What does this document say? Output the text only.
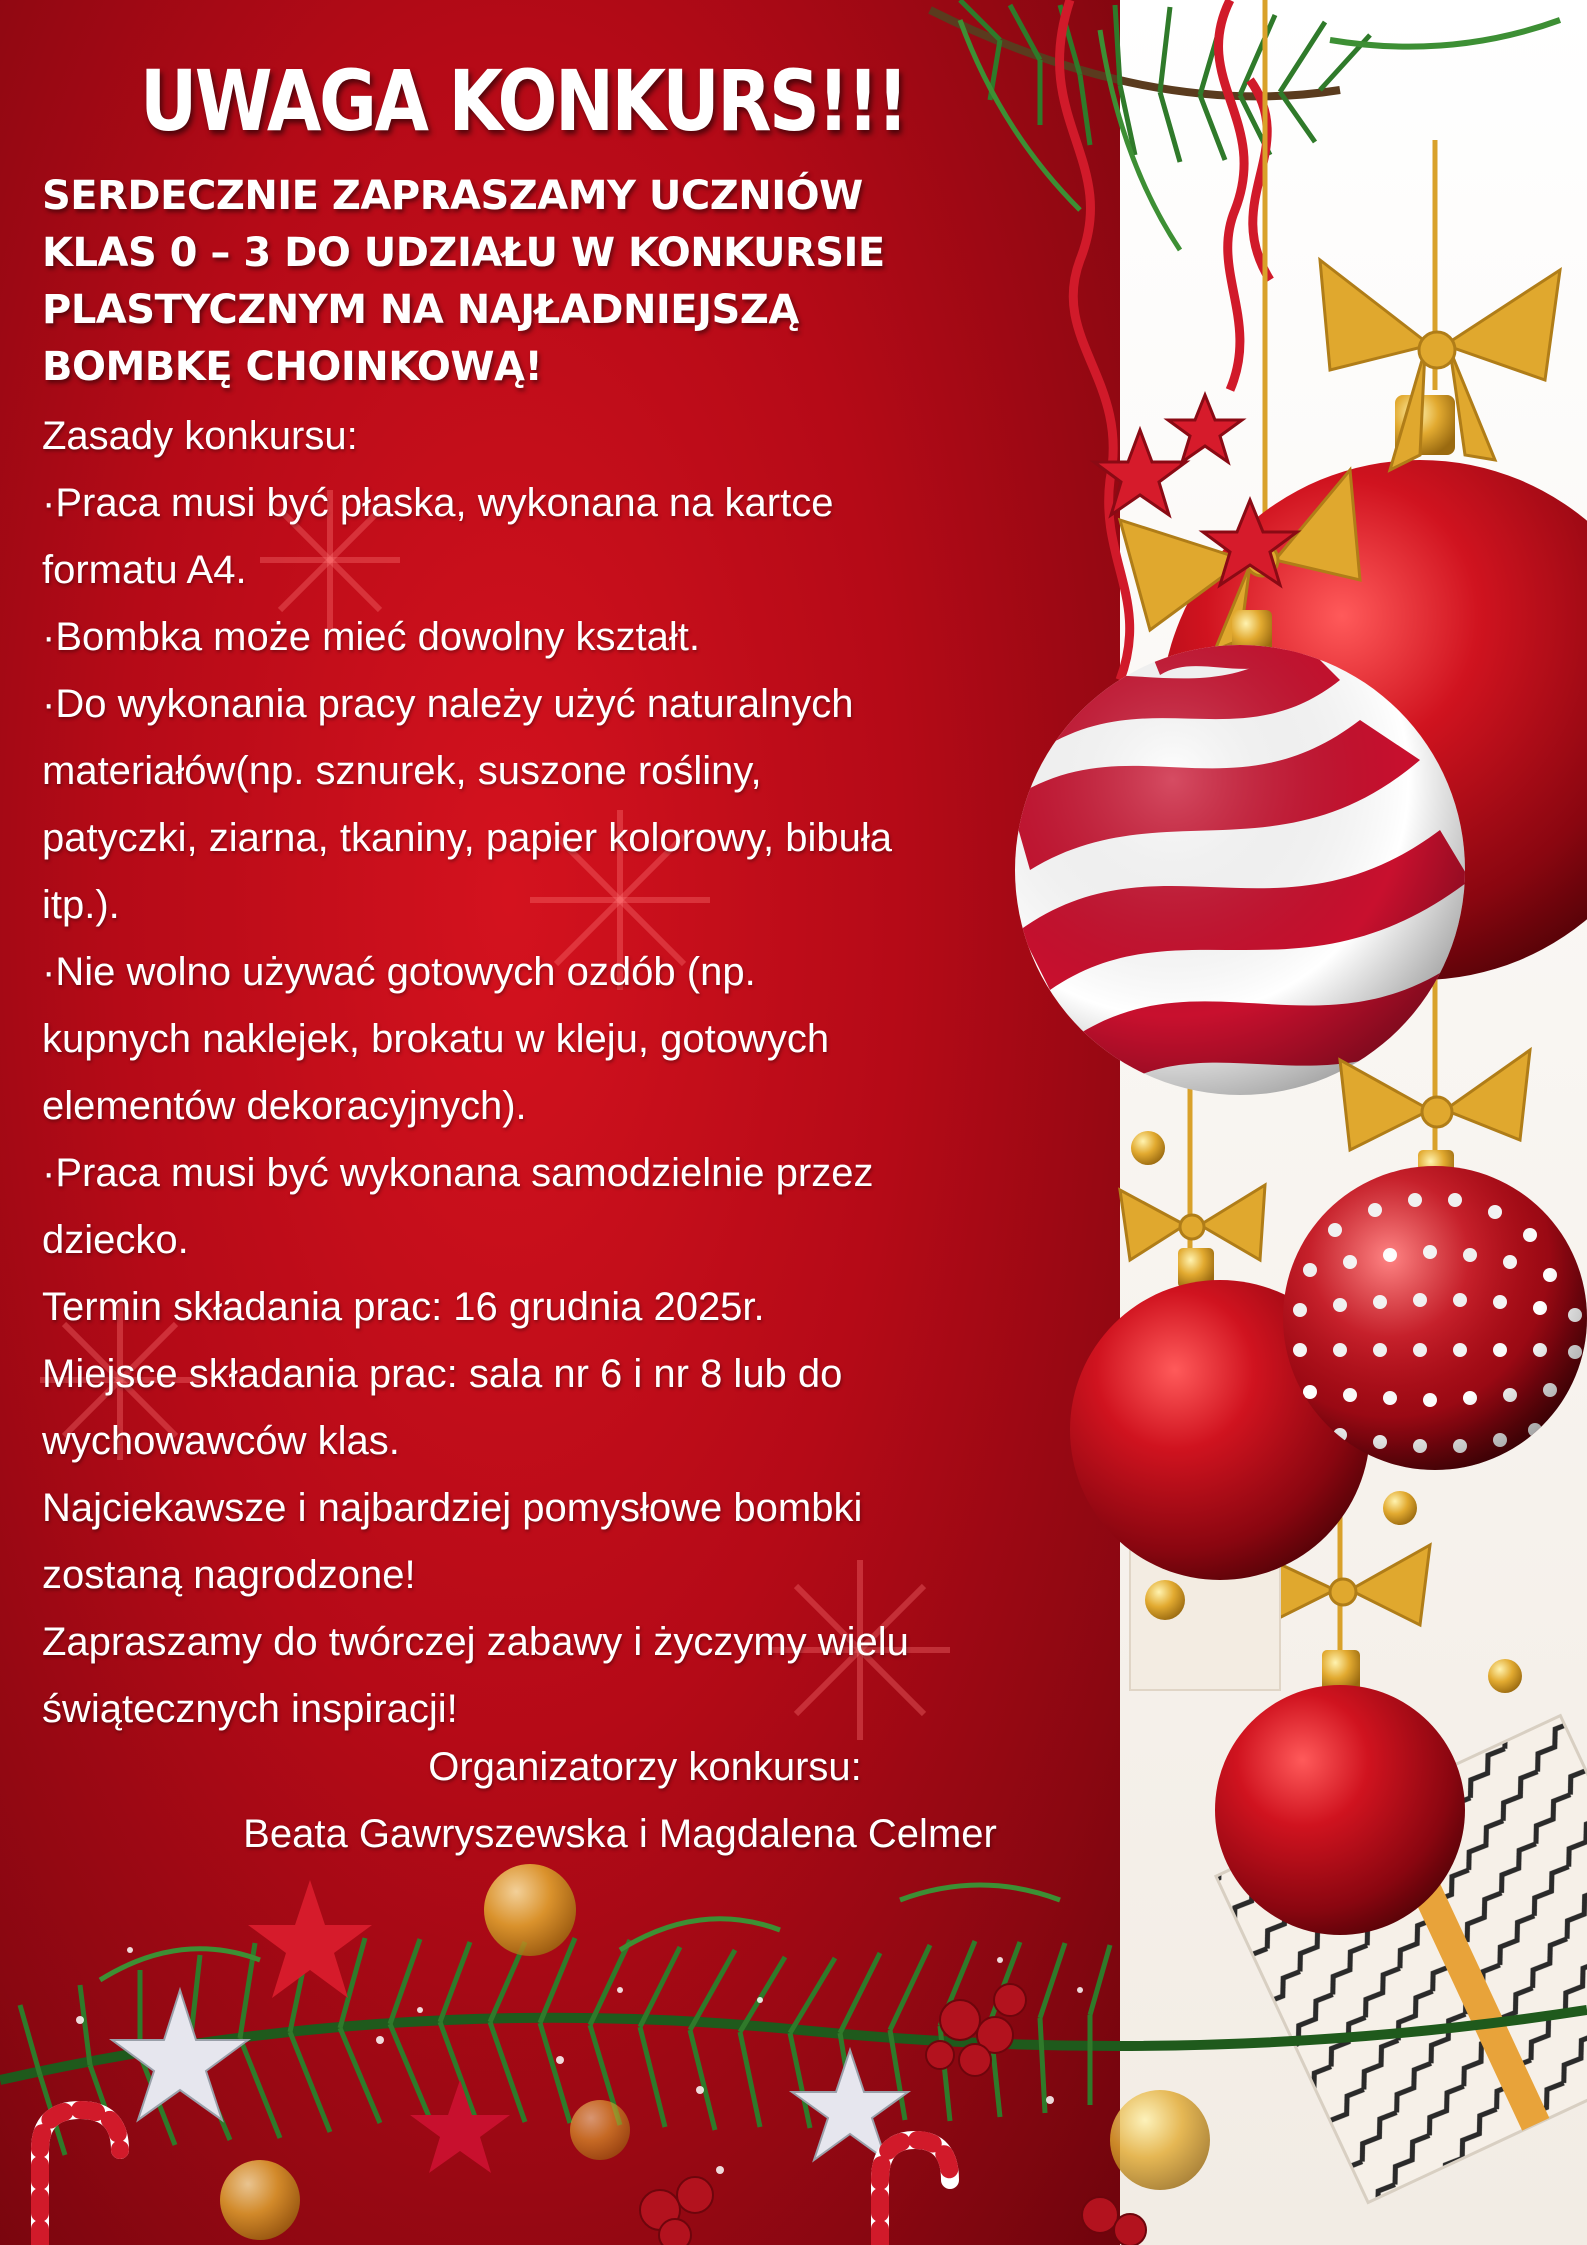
UWAGA KONKURS!!!
SERDECZNIE ZAPRASZAMY UCZNIÓW
KLAS 0 – 3 DO UDZIAŁU W KONKURSIE
PLASTYCZNYM NA NAJŁADNIEJSZĄ
BOMBKĘ CHOINKOWĄ!
Zasady konkursu:
·Praca musi być płaska, wykonana na kartce
formatu A4.
·Bombka może mieć dowolny kształt.
·Do wykonania pracy należy użyć naturalnych
materiałów(np. sznurek, suszone rośliny,
patyczki, ziarna, tkaniny, papier kolorowy, bibuła
itp.).
·Nie wolno używać gotowych ozdób (np.
kupnych naklejek, brokatu w kleju, gotowych
elementów dekoracyjnych).
·Praca musi być wykonana samodzielnie przez
dziecko.
Termin składania prac: 16 grudnia 2025r.
Miejsce składania prac: sala nr 6 i nr 8 lub do
wychowawców klas.
Najciekawsze i najbardziej pomysłowe bombki
zostaną nagrodzone!
Zapraszamy do twórczej zabawy i życzymy wielu
świątecznych inspiracji!
Organizatorzy konkursu:
Beata Gawryszewska i Magdalena Celmer
